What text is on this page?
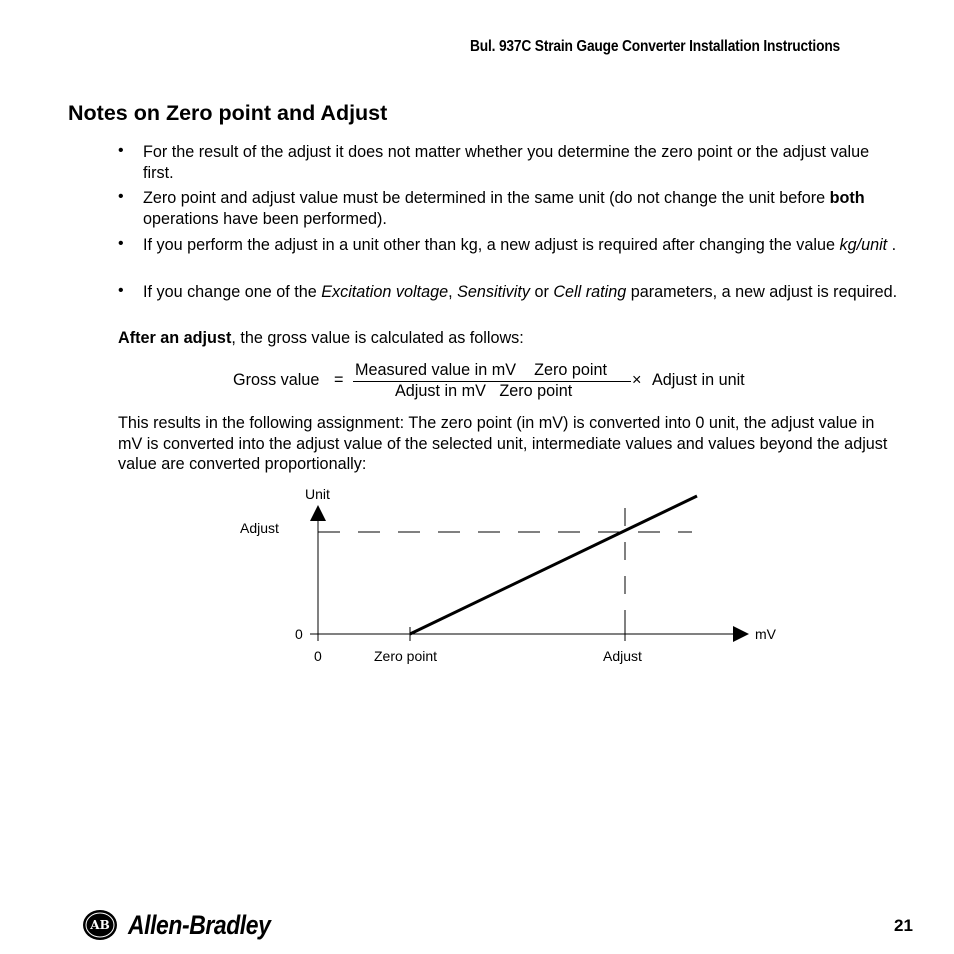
Bul. 937C Strain Gauge Converter Installation Instructions
Notes on Zero point and Adjust
• For the result of the adjust it does not matter whether you determine the zero point or the adjust value first.
• Zero point and adjust value must be determined in the same unit (do not change the unit before both operations have been performed).
• If you perform the adjust in a unit other than kg, a new adjust is required after changing the value kg/unit .
• If you change one of the Excitation voltage, Sensitivity or Cell rating parameters, a new adjust is required.
After an adjust, the gross value is calculated as follows:
Gross value =
Measured value in mV Zero point
Adjust in mV Zero point
× Adjust in unit
This results in the following assignment: The zero point (in mV) is converted into 0 unit, the adjust value in mV is converted into the adjust value of the selected unit, intermediate values and values beyond the adjust value are converted proportionally:
Unit
Adjust
0	mV
0	Zero point	Adjust
AB Allen-Bradley	21
